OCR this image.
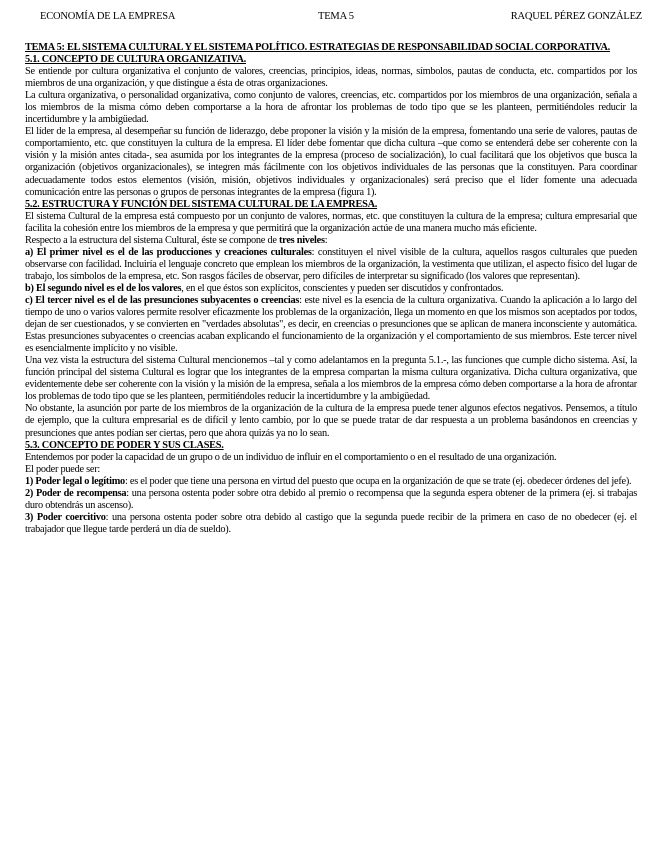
ECONOMÍA DE LA EMPRESA	TEMA 5	RAQUEL PÉREZ GONZÁLEZ

TEMA 5: EL SISTEMA CULTURAL Y EL SISTEMA POLÍTICO. ESTRATEGIAS DE RESPONSABILIDAD SOCIAL CORPORATIVA.

5.1. CONCEPTO DE CULTURA ORGANIZATIVA.

Se entiende por cultura organizativa el conjunto de valores, creencias, principios, ideas, normas, símbolos, pautas de conducta, etc. compartidos por los miembros de una organización, y que distingue a ésta de otras organizaciones.

La cultura organizativa, o personalidad organizativa, como conjunto de valores, creencias, etc. compartidos por los miembros de una organización, señala a los miembros de la misma cómo deben comportarse a la hora de afrontar los problemas de todo tipo que se les planteen, permitiéndoles reducir la incertidumbre y la ambigüedad.

El líder de la empresa, al desempeñar su función de liderazgo, debe proponer la visión y la misión de la empresa, fomentando una serie de valores, pautas de comportamiento, etc. que constituyen la cultura de la empresa. El líder debe fomentar que dicha cultura –que como se entenderá debe ser coherente con la visión y la misión antes citada-, sea asumida por los integrantes de la empresa (proceso de socialización), lo cual facilitará que los objetivos que busca la organización (objetivos organizacionales), se integren más fácilmente con los objetivos individuales de las personas que la constituyen. Para coordinar adecuadamente todos estos elementos (visión, misión, objetivos individuales y organizacionales) será preciso que el líder fomente una adecuada comunicación entre las personas o grupos de personas integrantes de la empresa (figura 1).

5.2. ESTRUCTURA Y FUNCIÓN DEL SISTEMA CULTURAL DE LA EMPRESA.

El sistema Cultural de la empresa está compuesto por un conjunto de valores, normas, etc. que constituyen la cultura de la empresa; cultura empresarial que facilita la cohesión entre los miembros de la empresa y que permitirá que la organización actúe de una manera mucho más eficiente.

Respecto a la estructura del sistema Cultural, éste se compone de tres niveles:

a) El primer nivel es el de las producciones y creaciones culturales: constituyen el nivel visible de la cultura, aquellos rasgos culturales que pueden observarse con facilidad. Incluiría el lenguaje concreto que emplean los miembros de la organización, la vestimenta que utilizan, el aspecto físico del lugar de trabajo, los símbolos de la empresa, etc. Son rasgos fáciles de observar, pero difíciles de interpretar su significado (los valores que representan).

b) El segundo nivel es el de los valores, en el que éstos son explícitos, conscientes y pueden ser discutidos y confrontados.

c) El tercer nivel es el de las presunciones subyacentes o creencias: este nivel es la esencia de la cultura organizativa. Cuando la aplicación a lo largo del tiempo de uno o varios valores permite resolver eficazmente los problemas de la organización, llega un momento en que los mismos son aceptados por todos, dejan de ser cuestionados, y se convierten en "verdades absolutas", es decir, en creencias o presunciones que se aplican de manera inconsciente y automática. Estas presunciones subyacentes o creencias acaban explicando el funcionamiento de la organización y el comportamiento de sus miembros. Este tercer nivel es esencialmente implícito y no visible.

Una vez vista la estructura del sistema Cultural mencionemos –tal y como adelantamos en la pregunta 5.1.-, las funciones que cumple dicho sistema. Así, la función principal del sistema Cultural es lograr que los integrantes de la empresa compartan la misma cultura organizativa. Dicha cultura organizativa, que evidentemente debe ser coherente con la visión y la misión de la empresa, señala a los miembros de la empresa cómo deben comportarse a la hora de afrontar los problemas de todo tipo que se les planteen, permitiéndoles reducir la incertidumbre y la ambigüedad.

No obstante, la asunción por parte de los miembros de la organización de la cultura de la empresa puede tener algunos efectos negativos. Pensemos, a título de ejemplo, que la cultura empresarial es de difícil y lento cambio, por lo que se puede tratar de dar respuesta a un problema basándonos en creencias y presunciones que antes podían ser ciertas, pero que ahora quizás ya no lo sean.

5.3. CONCEPTO DE PODER Y SUS CLASES.

Entendemos por poder la capacidad de un grupo o de un individuo de influir en el comportamiento o en el resultado de una organización.

El poder puede ser:

1) Poder legal o legítimo: es el poder que tiene una persona en virtud del puesto que ocupa en la organización de que se trate (ej. obedecer órdenes del jefe).

2) Poder de recompensa: una persona ostenta poder sobre otra debido al premio o recompensa que la segunda espera obtener de la primera (ej. si trabajas duro obtendrás un ascenso).

3) Poder coercitivo: una persona ostenta poder sobre otra debido al castigo que la segunda puede recibir de la primera en caso de no obedecer (ej. el trabajador que llegue tarde perderá un día de sueldo).
